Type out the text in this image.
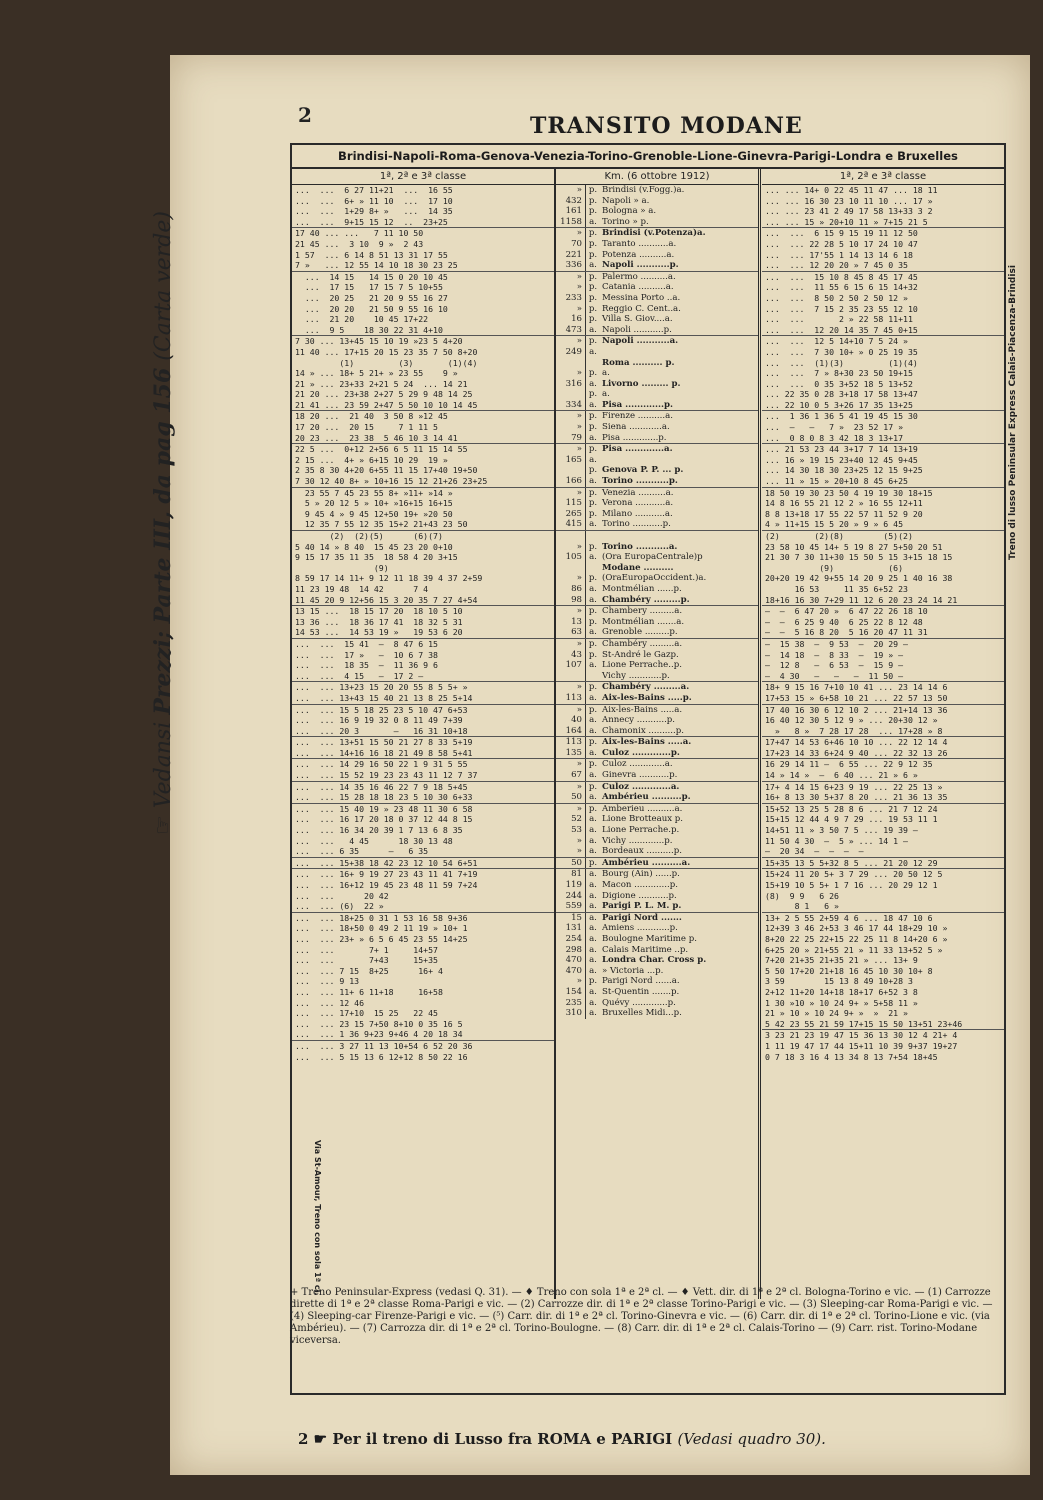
2	TRANSITO MODANE
☞ Vedansi Prezzi; Parte III, da pag 156 (Carta verde)
Brindisi-Napoli-Roma-Genova-Venezia-Torino-Grenoble-Lione-Ginevra-Parigi-Londra e Bruxelles
1ª, 2ª e 3ª classe
...  ...  6 27 11+21  ...  16 55
...  ...  6+ » 11 10  ...  17 10
...  ...  1+29 8+ »   ...  14 35
...  ...  9+15 15 12  ..  23+25
17 40 ... ...   7 11 10 50
21 45 ...  3 10  9 »  2 43
1 57  ... 6 14 8 51 13 31 17 55
7 »   ... 12 55 14 10 18 30 23 25
...  14 15   14 15 0 20 10 45
...  17 15   17 15 7 5 10+55
...  20 25   21 20 9 55 16 27
...  20 20   21 50 9 55 16 10
...  21 20    10 45 17+22
...  9 5    18 30 22 31 4+10
7 30 ... 13+45 15 10 19 »23 5 4+20
11 40 ... 17+15 20 15 23 35 7 50 8+20
(1)         (3)       (1)(4)
14 » ... 18+ 5 21+ » 23 55    9 »
21 » ... 23+33 2+21 5 24  ... 14 21
21 20 ... 23+38 2+27 5 29 9 48 14 25
21 41 ... 23 59 2+47 5 50 10 10 14 45
18 20 ...  21 40  3 50 8 »12 45
17 20 ...  20 15     7 1 11 5
20 23 ...  23 38  5 46 10 3 14 41
22 5 ...  0+12 2+56 6 5 11 15 14 55
2 15 ...  4+ » 6+15 10 29  19 »
2 35 8 30 4+20 6+55 11 15 17+40 19+50
7 30 12 40 8+ » 10+16 15 12 21+26 23+25
23 55 7 45 23 55 8+ »11+ »14 »
5 » 20 12 5 » 10+ »16+15 16+15
9 45 4 » 9 45 12+50 19+ »20 50
12 35 7 55 12 35 15+2 21+43 23 50
(2)  (2)(5)      (6)(7)
5 40 14 » 8 40  15 45 23 20 0+10
9 15 17 35 11 35  18 58 4 20 3+15
(9)
8 59 17 14 11+ 9 12 11 18 39 4 37 2+59
11 23 19 48  14 42      7 4
11 45 20 9 12+56 15 3 20 35 7 27 4+54
13 15 ...  18 15 17 20  18 10 5 10
13 36 ...  18 36 17 41  18 32 5 31
14 53 ...  14 53 19 »   19 53 6 20
...  ...  15 41  —  8 47 6 15
...  ...  17 »   —  10 6 7 38
...  ...  18 35  —  11 36 9 6
...  ...  4 15   —  17 2 —
...  ... 13+23 15 20 20 55 8 5 5+ »
...  ... 13+43 15 40 21 13 8 25 5+14
...  ... 15 5 18 25 23 5 10 47 6+53
...  ... 16 9 19 32 0 8 11 49 7+39
...  ... 20 3       —   16 31 10+18
...  ... 13+51 15 50 21 27 8 33 5+19
...  ... 14+16 16 18 21 49 8 58 5+41
...  ... 14 29 16 50 22 1 9 31 5 55
...  ... 15 52 19 23 23 43 11 12 7 37
...  ... 14 35 16 46 22 7 9 18 5+45
...  ... 15 28 18 18 23 5 10 30 6+33
...  ... 15 40 19 » 23 48 11 30 6 58
...  ... 16 17 20 18 0 37 12 44 8 15
...  ... 16 34 20 39 1 7 13 6 8 35
...  ...   4 45      18 30 13 48
...  ... 6 35      —   6 35
...  ... 15+38 18 42 23 12 10 54 6+51
...  ... 16+ 9 19 27 23 43 11 41 7+19
...  ... 16+12 19 45 23 48 11 59 7+24
...  ...      20 42
...  ... (6)  22 »
...  ... 18+25 0 31 1 53 16 58 9+36
...  ... 18+50 0 49 2 11 19 » 10+ 1
...  ... 23+ » 6 5 6 45 23 55 14+25
...  ...       7+ 1     14+57
...  ...       7+43     15+35
...  ... 7 15  8+25      16+ 4
...  ... 9 13
...  ... 11+ 6 11+18     16+58
...  ... 12 46
...  ... 17+10  15 25   22 45
...  ... 23 15 7+50 8+10 0 35 16 5
...  ... 1 36 9+23 9+46 4 20 18 34
...  ... 3 27 11 13 10+54 6 52 20 36
...  ... 5 15 13 6 12+12 8 50 22 16
Km. (6 ottobre 1912)
» p. Brindisi (v.Fogg.)a.
432 p. Napoli » a.
161 p. Bologna » a.
1158 a. Torino » p.
» p. Brindisi (v.Potenza)a.
70 p. Taranto ...........a.
221 p. Potenza ..........a.
336 a. Napoli ...........p.
» p. Palermo ..........a.
» p. Catania ..........a.
233 p. Messina Porto ..a.
» p. Reggio C. Cent..a.
16 p. Villa S. Giov....a.
473 a. Napoli ...........p.
» p. Napoli ...........a.
249 a.
Roma .......... p.
» p. a.
316 a. Livorno ......... p.
p. a.
334 a. Pisa .............p.
» p. Firenze ..........a.
» p. Siena ............a.
79 a. Pisa .............p.
» p. Pisa .............a.
165 a.
p. Genova P. P. ... p.
166 a. Torino ...........p.
» p. Venezia ..........a.
115 p. Verona ...........a.
265 p. Milano ...........a.
415 a. Torino ...........p.
» p. Torino ...........a.
105 a. (Ora EuropaCentrale)p
Modane ..........
» p. (OraEuropaOccident.)a.
86 a. Montmélian ......p.
98 a. Chambéry .........p.
» p. Chambery .........a.
13 p. Montmélian .......a.
63 a. Grenoble .........p.
» p. Chambéry .........a.
43 p. St-André le Gazp.
107 a. Lione Perrache..p.
Vichy ............p.
» p. Chambéry .........a.
113 a. Aix-les-Bains .....p.
» p. Aix-les-Bains .....a.
40 a. Annecy ...........p.
164 a. Chamonix ..........p.
113 p. Aix-les-Bains .....a.
135 a. Culoz .............p.
» p. Culoz .............a.
67 a. Ginevra ...........p.
» p. Culoz .............a.
50 a. Ambérieu ..........p.
» p. Amberieu ..........a.
52 a. Lione Brotteaux p.
53 a. Lione Perrache.p.
» a. Vichy .............p.
» a. Bordeaux ..........p.
50 p. Ambérieu ..........a.
81 a. Bourg (Ain) ......p.
119 a. Macon .............p.
244 a. Digione ...........p.
559 a. Parigi P. L. M. p.
15 a. Parigi Nord .......
131 a. Amiens ............p.
254 a. Boulogne Maritime p.
298 a. Calais Maritime ..p.
470 a. Londra Char. Cross p.
470 a. » Victoria ...p.
» p. Parigi Nord ......a.
154 a. St-Quentin .......p.
235 a. Quévy .............p.
310 a. Bruxelles Midi...p.
1ª, 2ª e 3ª classe
... ... 14+ 0 22 45 11 47 ... 18 11
... ... 16 30 23 10 11 10 ... 17 »
... ... 23 41 2 49 17 58 13+33 3 2
... ... 15 » 20+10 11 » 7+15 21 5
...  ...  6 15 9 15 19 11 12 50
...  ... 22 28 5 10 17 24 10 47
...  ... 17'55 1 14 13 14 6 18
...  ... 12 20 20 » 7 45 0 35
...  ...  15 10 8 45 8 45 17 45
...  ...  11 55 6 15 6 15 14+32
...  ...  8 50 2 50 2 50 12 »
...  ...  7 15 2 35 23 55 12 10
...  ...       2 » 22 58 11+11
...  ...  12 20 14 35 7 45 0+15
...  ...  12 5 14+10 7 5 24 »
...  ...  7 30 10+ » 0 25 19 35
...  ...  (1)(3)         (1)(4)
...  ...  7 » 8+30 23 50 19+15
...  ...  0 35 3+52 18 5 13+52
... 22 35 0 28 3+18 17 58 13+47
... 22 10 0 5 3+26 17 35 13+25
...  1 36 1 36 5 41 19 45 15 30
...  —   —   7 »  23 52 17 »
...  0 8 0 8 3 42 18 3 13+17
... 21 53 23 44 3+17 7 14 13+19
... 16 » 19 15 23+40 12 45 9+45
... 14 30 18 30 23+25 12 15 9+25
... 11 » 15 » 20+10 8 45 6+25
18 50 19 30 23 50 4 19 19 30 18+15
14 8 16 55 21 12 2 » 16 55 12+11
8 8 13+18 17 55 22 57 11 52 9 20
4 » 11+15 15 5 20 » 9 » 6 45
(2)       (2)(8)        (5)(2)
23 58 10 45 14+ 5 19 8 27 5+50 20 51
21 30 7 30 11+30 15 50 5 15 3+15 18 15
(9)           (6)
20+20 19 42 9+55 14 20 9 25 1 40 16 38
16 53     11 35 6+52 23
18+16 16 30 7+29 11 12 6 20 23 24 14 21
—  —  6 47 20 »  6 47 22 26 18 10
—  —  6 25 9 40  6 25 22 8 12 48
—  —  5 16 8 20  5 16 20 47 11 31
—  15 38  —  9 53  —  20 29 —
—  14 18  —  8 33  —  19 » —
—  12 8   —  6 53  —  15 9 —
—  4 30   —   —   —  11 50 —
18+ 9 15 16 7+10 10 41 ... 23 14 14 6
17+53 15 » 6+58 10 21 ... 22 57 13 50
17 40 16 30 6 12 10 2 ... 21+14 13 36
16 40 12 30 5 12 9 » ... 20+30 12 »
»   8 »  7 28 17 28  ... 17+28 » 8
17+47 14 53 6+46 10 10 ... 22 12 14 4
17+23 14 33 6+24 9 40 ... 22 32 13 26
16 29 14 11 —  6 55 ... 22 9 12 35
14 » 14 »  —  6 40 ... 21 » 6 »
17+ 4 14 15 6+23 9 19 ... 22 25 13 »
16+ 8 13 30 5+37 8 20 ... 21 36 13 35
15+52 13 25 5 28 8 6 ... 21 7 12 24
15+15 12 44 4 9 7 29 ... 19 53 11 1
14+51 11 » 3 50 7 5 ... 19 39 —
11 50 4 30  —  5 » ... 14 1 —
—  20 34  —  —  —  —
15+35 13 5 5+32 8 5 ... 21 20 12 29
15+24 11 20 5+ 3 7 29 ... 20 50 12 5
15+19 10 5 5+ 1 7 16 ... 20 29 12 1
(8)  9 9   6 26
8 1   6 »
13+ 2 5 55 2+59 4 6 ... 18 47 10 6
12+39 3 46 2+53 3 46 17 44 18+29 10 »
8+20 22 25 22+15 22 25 11 8 14+20 6 »
6+25 20 » 21+55 21 » 11 33 13+52 5 »
7+20 21+35 21+35 21 » ... 13+ 9
5 50 17+20 21+18 16 45 10 30 10+ 8
3 59        15 13 8 49 10+28 3
2+12 11+20 14+18 18+17 6+52 3 8
1 30 »10 » 10 24 9+ » 5+58 11 »
21 » 10 » 10 24 9+ »  »  21 »
5 42 23 55 21 59 17+15 15 50 13+51 23+46
3 23 21 23 19 47 15 36 13 30 12 4 21+ 4
1 11 19 47 17 44 15+11 10 39 9+37 19+27
0 7 18 3 16 4 13 34 8 13 7+54 18+45

+ Treno Peninsular-Express (vedasi Q. 31). — ♦ Treno con sola 1ª e 2ª cl. — ♦ Vett. dir. di 1ª e 2ª cl. Bologna-Torino e vic. — (1) Carrozze dirette di 1ª e 2ª classe Roma-Parigi e vic. — (2) Carrozze dir. di 1ª e 2ª classe Torino-Parigi e vic. — (3) Sleeping-car Roma-Parigi e vic. — (4) Sleeping-car Firenze-Parigi e vic. — (⁵) Carr. dir. di 1ª e 2ª cl. Torino-Ginevra e vic. — (6) Carr. dir. di 1ª e 2ª cl. Torino-Lione e vic. (via Ambérieu). — (7) Carrozza dir. di 1ª e 2ª cl. Torino-Boulogne. — (8) Carr. dir. di 1ª e 2ª cl. Calais-Torino — (9) Carr. rist. Torino-Modane viceversa.

2 ☛ Per il treno di Lusso fra ROMA e PARIGI (Vedasi quadro 30).
Treno di lusso Peninsular Express Calais-Piacenza-Brindisi
Via St-Amour, Treno con sola 1ª cl.
